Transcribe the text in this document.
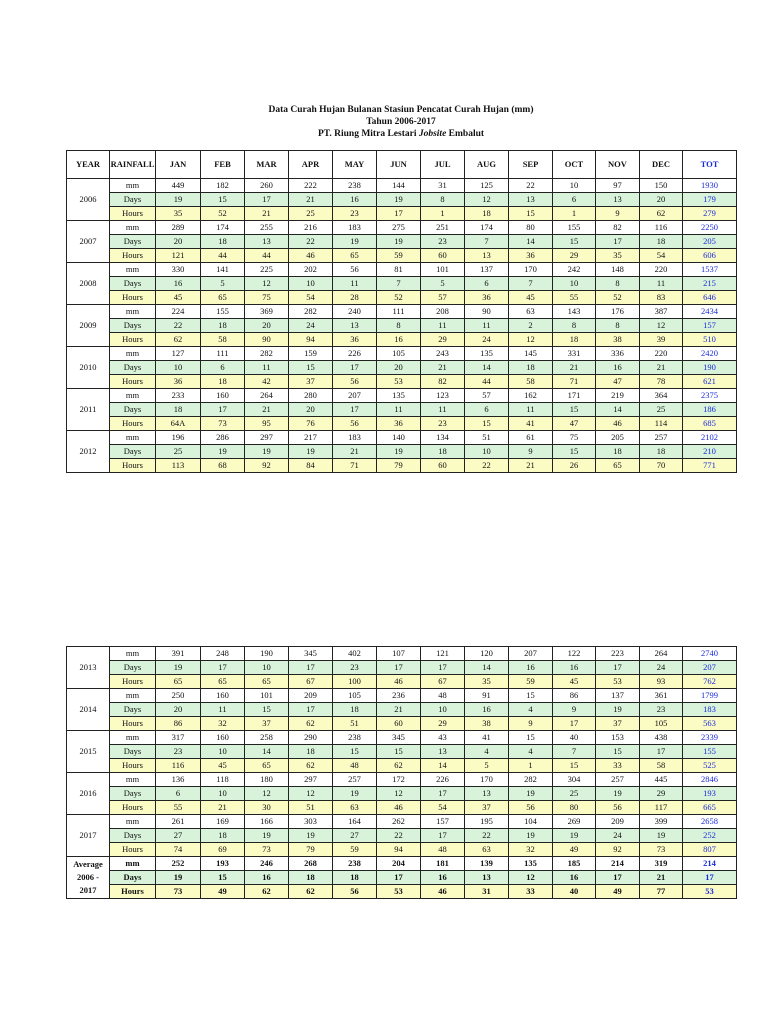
Data Curah Hujan Bulanan Stasiun Pencatat Curah Hujan (mm)
Tahun 2006-2017
PT. Riung Mitra Lestari Jobsite Embalut
YEAR	RAINFALL	JAN	FEB	MAR	APR	MAY	JUN	JUL	AUG	SEP	OCT	NOV	DEC	TOT
2006	mm	449	182	260	222	238	144	31	125	22	10	97	150	1930
	Days	19	15	17	21	16	19	8	12	13	6	13	20	179
	Hours	35	52	21	25	23	17	1	18	15	1	9	62	279
2007	mm	289	174	255	216	183	275	251	174	80	155	82	116	2250
	Days	20	18	13	22	19	19	23	7	14	15	17	18	205
	Hours	121	44	44	46	65	59	60	13	36	29	35	54	606
2008	mm	330	141	225	202	56	81	101	137	170	242	148	220	1537
	Days	16	5	12	10	11	7	5	6	7	10	8	11	215
	Hours	45	65	75	54	28	52	57	36	45	55	52	83	646
2009	mm	224	155	369	282	240	111	208	90	63	143	176	387	2434
	Days	22	18	20	24	13	8	11	11	2	8	8	12	157
	Hours	62	58	90	94	36	16	29	24	12	18	38	39	510
2010	mm	127	111	282	159	226	105	243	135	145	331	336	220	2420
	Days	10	6	11	15	17	20	21	14	18	21	16	21	190
	Hours	36	18	42	37	56	53	82	44	58	71	47	78	621
2011	mm	233	160	264	280	207	135	123	57	162	171	219	364	2375
	Days	18	17	21	20	17	11	11	6	11	15	14	25	186
	Hours	64A	73	95	76	56	36	23	15	41	47	46	114	685
2012	mm	196	286	297	217	183	140	134	51	61	75	205	257	2102
	Days	25	19	19	19	21	19	18	10	9	15	18	18	210
	Hours	113	68	92	84	71	79	60	22	21	26	65	70	771
2013	mm	391	248	190	345	402	107	121	120	207	122	223	264	2740
	Days	19	17	10	17	23	17	17	14	16	16	17	24	207
	Hours	65	65	65	67	100	46	67	35	59	45	53	93	762
2014	mm	250	160	101	209	105	236	48	91	15	86	137	361	1799
	Days	20	11	15	17	18	21	10	16	4	9	19	23	183
	Hours	86	32	37	62	51	60	29	38	9	17	37	105	563
2015	mm	317	160	258	290	238	345	43	41	15	40	153	438	2339
	Days	23	10	14	18	15	15	13	4	4	7	15	17	155
	Hours	116	45	65	62	48	62	14	5	1	15	33	58	525
2016	mm	136	118	180	297	257	172	226	170	282	304	257	445	2846
	Days	6	10	12	12	19	12	17	13	19	25	19	29	193
	Hours	55	21	30	51	63	46	54	37	56	80	56	117	665
2017	mm	261	169	166	303	164	262	157	195	104	269	209	399	2658
	Days	27	18	19	19	27	22	17	22	19	19	24	19	252
	Hours	74	69	73	79	59	94	48	63	32	49	92	73	807

Average
2006 -
2017	mm	252	193	246	268	238	204	181	139	135	185	214	319	214
	Days	19	15	16	18	18	17	16	13	12	16	17	21	17
	Hours	73	49	62	62	56	53	46	31	33	40	49	77	53
